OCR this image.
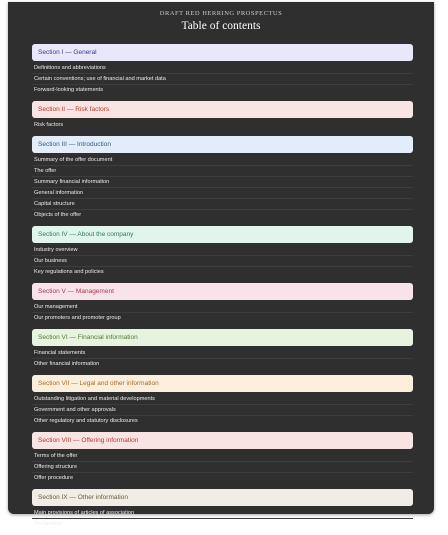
DRAFT RED HERRING PROSPECTUS
Table of contents
Section I — General
Definitions and abbreviations
Certain conventions; use of financial and market data
Forward-looking statements
Section II — Risk factors
Risk factors
Section III — Introduction
Summary of the offer document
The offer
Summary financial information
General information
Capital structure
Objects of the offer
Section IV — About the company
Industry overview
Our business
Key regulations and policies
Section V — Management
Our management
Our promoters and promoter group
Section VI — Financial information
Financial statements
Other financial information
Section VII — Legal and other information
Outstanding litigation and material developments
Government and other approvals
Other regulatory and statutory disclosures
Section VIII — Offering information
Terms of the offer
Offering structure
Offer procedure
Section IX — Other information
Main provisions of articles of association
Declaration
